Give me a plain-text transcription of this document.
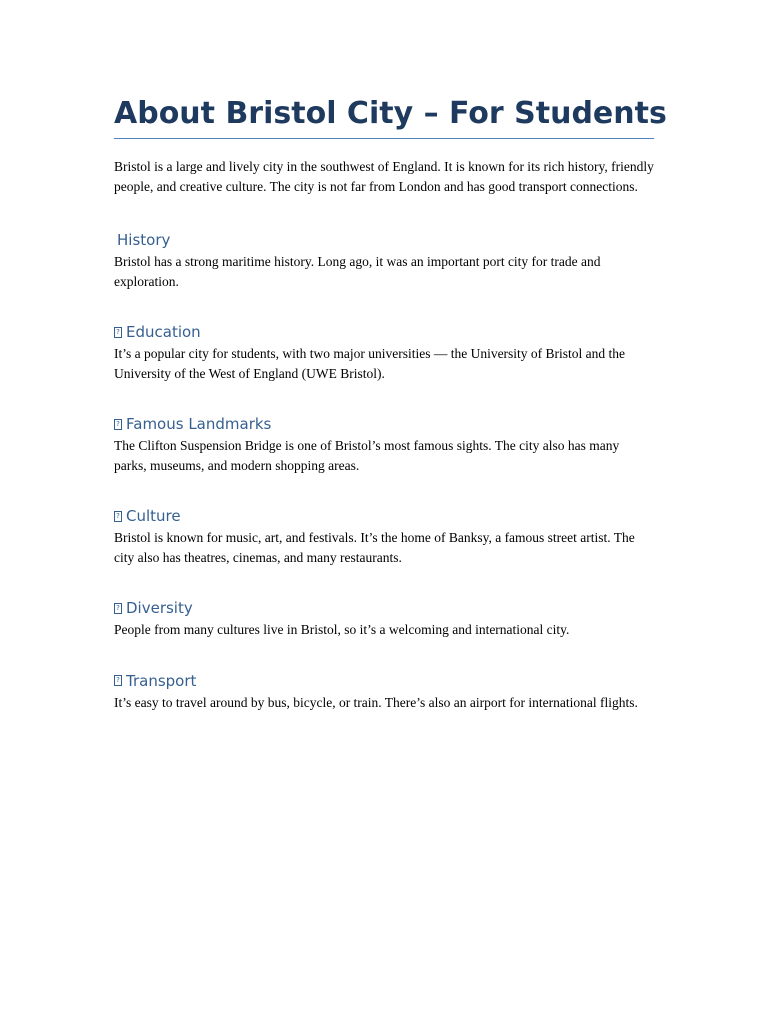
About Bristol City – For Students

Bristol is a large and lively city in the southwest of England. It is known for its rich history, friendly people, and creative culture. The city is not far from London and has good transport connections.

History

Bristol has a strong maritime history. Long ago, it was an important port city for trade and exploration.

? Education

It’s a popular city for students, with two major universities — the University of Bristol and the University of the West of England (UWE Bristol).

? Famous Landmarks

The Clifton Suspension Bridge is one of Bristol’s most famous sights. The city also has many parks, museums, and modern shopping areas.

? Culture

Bristol is known for music, art, and festivals. It’s the home of Banksy, a famous street artist. The city also has theatres, cinemas, and many restaurants.

? Diversity

People from many cultures live in Bristol, so it’s a welcoming and international city.

? Transport

It’s easy to travel around by bus, bicycle, or train. There’s also an airport for international flights.
